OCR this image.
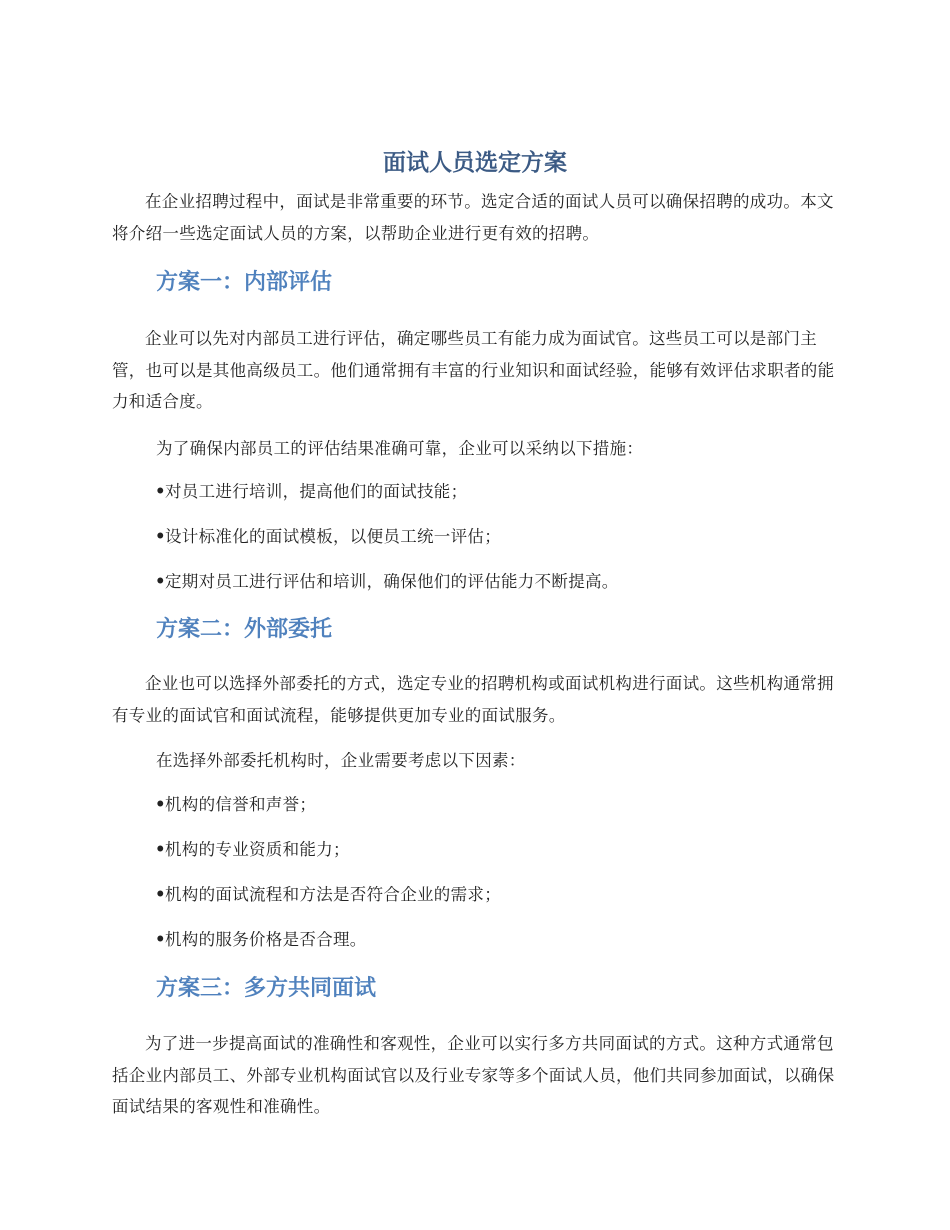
面试人员选定方案

在企业招聘过程中，面试是非常重要的环节。选定合适的面试人员可以确保招聘的成功。本文将介绍一些选定面试人员的方案，以帮助企业进行更有效的招聘。

方案一：内部评估

企业可以先对内部员工进行评估，确定哪些员工有能力成为面试官。这些员工可以是部门主管，也可以是其他高级员工。他们通常拥有丰富的行业知识和面试经验，能够有效评估求职者的能力和适合度。

为了确保内部员工的评估结果准确可靠，企业可以采纳以下措施：

•对员工进行培训，提高他们的面试技能；
•设计标准化的面试模板，以便员工统一评估；
•定期对员工进行评估和培训，确保他们的评估能力不断提高。
方案二：外部委托

企业也可以选择外部委托的方式，选定专业的招聘机构或面试机构进行面试。这些机构通常拥有专业的面试官和面试流程，能够提供更加专业的面试服务。

在选择外部委托机构时，企业需要考虑以下因素：

•机构的信誉和声誉；
•机构的专业资质和能力；
•机构的面试流程和方法是否符合企业的需求；
•机构的服务价格是否合理。
方案三：多方共同面试

为了进一步提高面试的准确性和客观性，企业可以实行多方共同面试的方式。这种方式通常包括企业内部员工、外部专业机构面试官以及行业专家等多个面试人员，他们共同参加面试，以确保面试结果的客观性和准确性。
